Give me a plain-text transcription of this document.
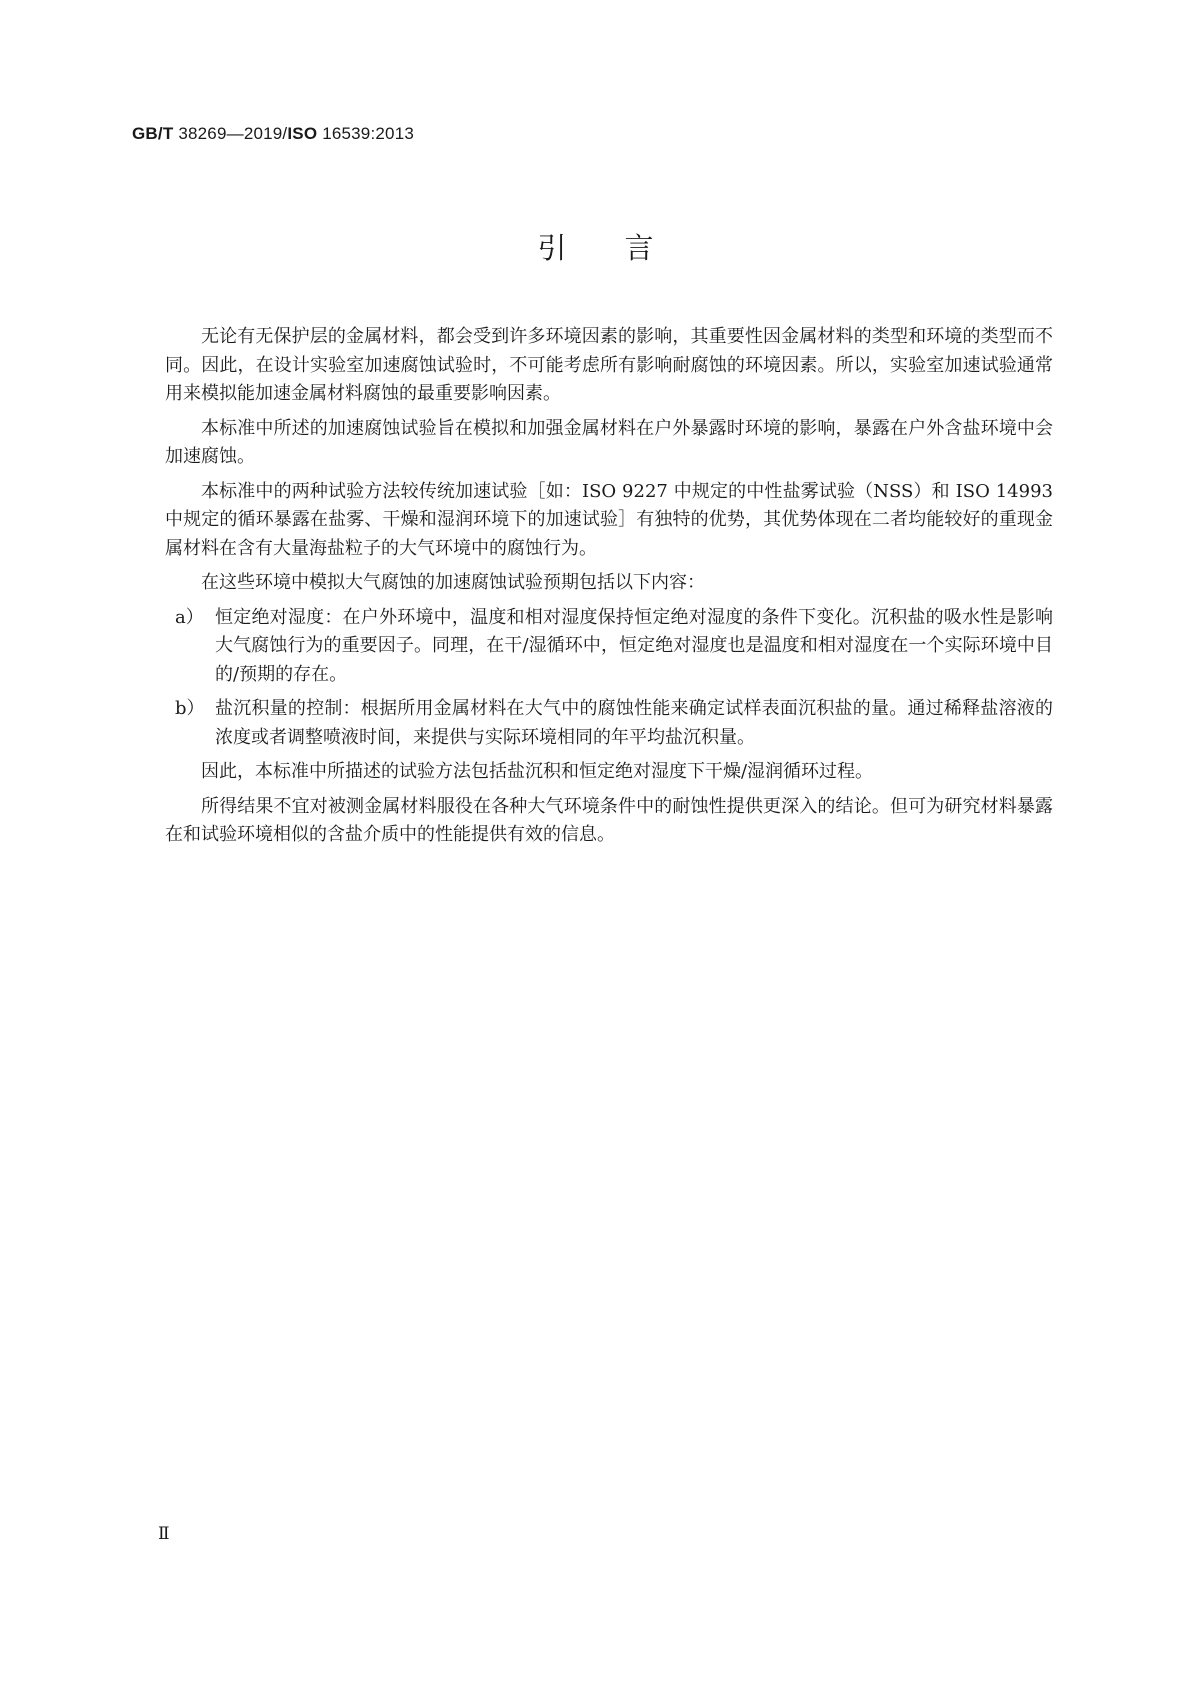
GB/T 38269—2019/ISO 16539:2013
引言

无论有无保护层的金属材料，都会受到许多环境因素的影响，其重要性因金属材料的类型和环境的类型而不同。因此，在设计实验室加速腐蚀试验时，不可能考虑所有影响耐腐蚀的环境因素。所以，实验室加速试验通常用来模拟能加速金属材料腐蚀的最重要影响因素。

本标准中所述的加速腐蚀试验旨在模拟和加强金属材料在户外暴露时环境的影响，暴露在户外含盐环境中会加速腐蚀。

本标准中的两种试验方法较传统加速试验［如：ISO 9227 中规定的中性盐雾试验（NSS）和 ISO 14993 中规定的循环暴露在盐雾、干燥和湿润环境下的加速试验］有独特的优势，其优势体现在二者均能较好的重现金属材料在含有大量海盐粒子的大气环境中的腐蚀行为。

在这些环境中模拟大气腐蚀的加速腐蚀试验预期包括以下内容：

a） 恒定绝对湿度：在户外环境中，温度和相对湿度保持恒定绝对湿度的条件下变化。沉积盐的吸水性是影响大气腐蚀行为的重要因子。同理，在干/湿循环中，恒定绝对湿度也是温度和相对湿度在一个实际环境中目的/预期的存在。
b） 盐沉积量的控制：根据所用金属材料在大气中的腐蚀性能来确定试样表面沉积盐的量。通过稀释盐溶液的浓度或者调整喷液时间，来提供与实际环境相同的年平均盐沉积量。

因此，本标准中所描述的试验方法包括盐沉积和恒定绝对湿度下干燥/湿润循环过程。

所得结果不宜对被测金属材料服役在各种大气环境条件中的耐蚀性提供更深入的结论。但可为研究材料暴露在和试验环境相似的含盐介质中的性能提供有效的信息。

Ⅱ
